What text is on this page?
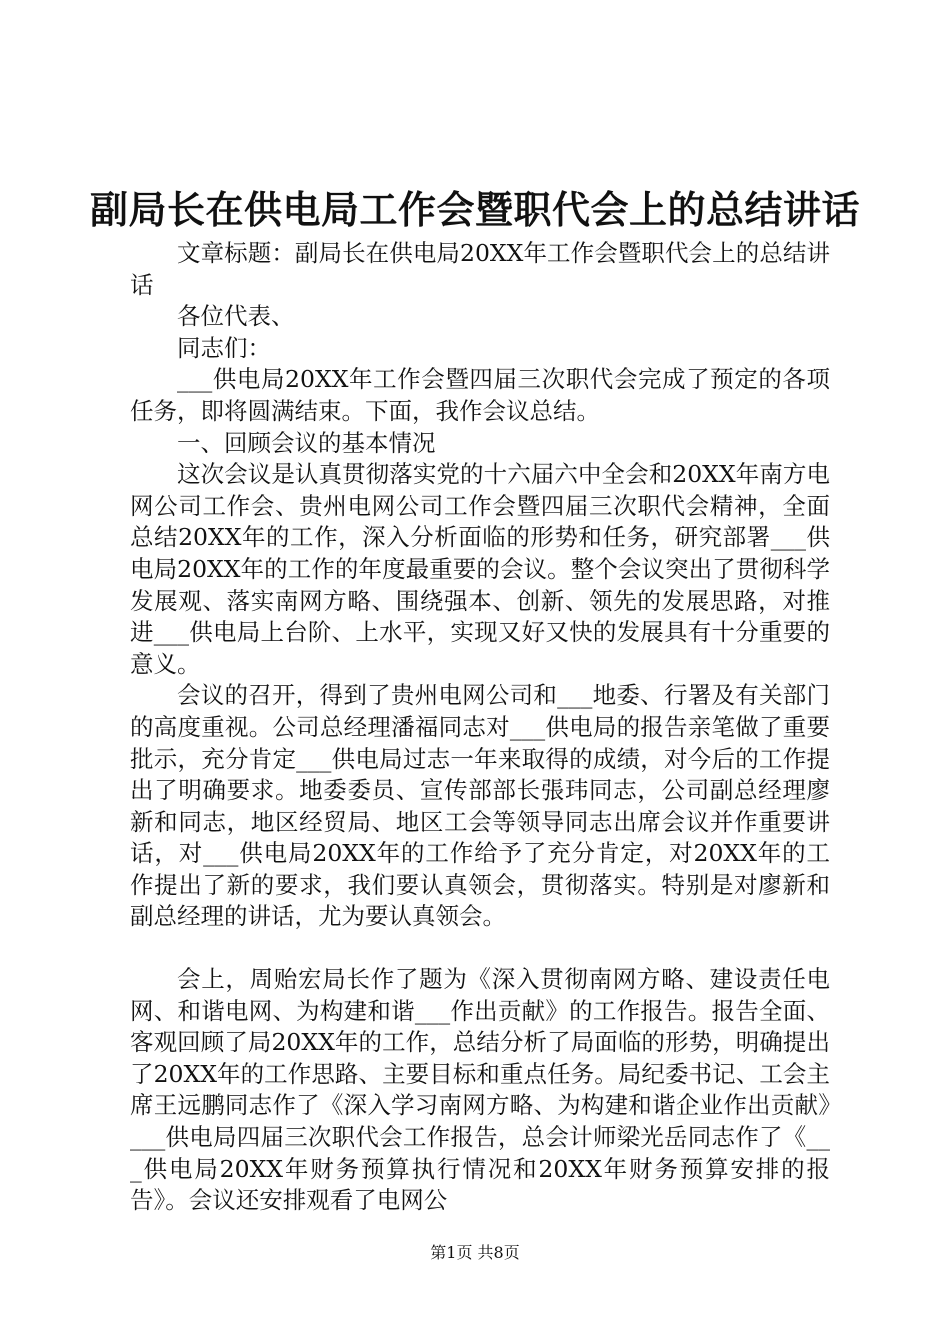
副局长在供电局工作会暨职代会上的总结讲话

文章标题：副局长在供电局20XX年工作会暨职代会上的总结讲话

各位代表、

同志们：

___供电局20XX年工作会暨四届三次职代会完成了预定的各项任务，即将圆满结束。下面，我作会议总结。

一、回顾会议的基本情况

这次会议是认真贯彻落实党的十六届六中全会和20XX年南方电网公司工作会、贵州电网公司工作会暨四届三次职代会精神，全面总结20XX年的工作，深入分析面临的形势和任务，研究部署___供电局20XX年的工作的年度最重要的会议。整个会议突出了贯彻科学发展观、落实南网方略、围绕强本、创新、领先的发展思路，对推进___供电局上台阶、上水平，实现又好又快的发展具有十分重要的意义。

会议的召开，得到了贵州电网公司和___地委、行署及有关部门的高度重视。公司总经理潘福同志对___供电局的报告亲笔做了重要批示，充分肯定___供电局过志一年来取得的成绩，对今后的工作提出了明确要求。地委委员、宣传部部长張玮同志，公司副总经理廖新和同志，地区经贸局、地区工会等领导同志出席会议并作重要讲话，对___供电局20XX年的工作给予了充分肯定，对20XX年的工作提出了新的要求，我们要认真领会，贯彻落实。特别是对廖新和副总经理的讲话，尤为要认真领会。

会上，周贻宏局长作了题为《深入贯彻南网方略、建设责任电网、和谐电网、为构建和谐___作出贡献》的工作报告。报告全面、客观回顾了局20XX年的工作，总结分析了局面临的形势，明确提出了20XX年的工作思路、主要目标和重点任务。局纪委书记、工会主席王远鹏同志作了《深入学习南网方略、为构建和谐企业作出贡献》___供电局四届三次职代会工作报告，总会计师梁光岳同志作了《___供电局20XX年财务预算执行情况和20XX年财务预算安排的报告》。会议还安排观看了电网公

第1页 共8页
